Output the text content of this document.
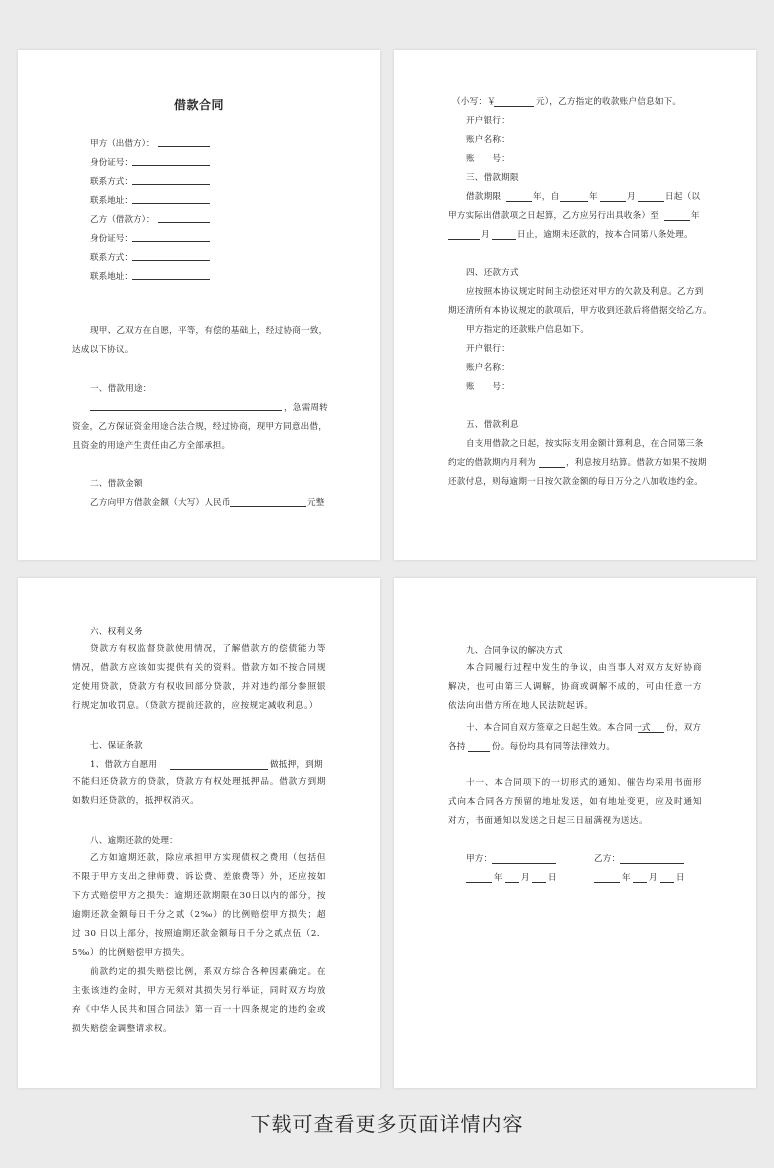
借款合同
甲方（出借方）：
身份证号：
联系方式：
联系地址：
乙方（借款方）：
身份证号：
联系方式：
联系地址：
现甲、乙双方在自愿，平等，有偿的基础上，经过协商一致，
达成以下协议。
一、借款用途：
，急需周转
资金，乙方保证资金用途合法合规，经过协商，现甲方同意出借，
且资金的用途产生责任由乙方全部承担。
二、借款金额
乙方向甲方借款金额（大写）人民币	元整
（小写：￥	元），乙方指定的收款账户信息如下。
开户银行：
账户名称：
账　　号：
三、借款期限
借款期限	年，自	年	月	日起（以
甲方实际出借款项之日起算，乙方应另行出具收条）至	年
月	日止，逾期未还款的，按本合同第八条处理。
四、还款方式
应按照本协议规定时间主动偿还对甲方的欠款及利息。乙方到
期还清所有本协议规定的款项后，甲方收到还款后将借据交给乙方。
甲方指定的还款账户信息如下。
开户银行：
账户名称：
账　　号：
五、借款利息
自支用借款之日起，按实际支用金额计算利息，在合同第三条
约定的借款期内月利为	，利息按月结算。借款方如果不按期
还款付息，则每逾期一日按欠款金额的每日万分之八加收违约金。
六、权利义务
贷款方有权监督贷款使用情况，了解借款方的偿债能力等情况，借款方应该如实提供有关的资料。借款方如不按合同规定使用贷款，贷款方有权收回部分贷款，并对违约部分参照银行规定加收罚息。（贷款方提前还款的，应按规定减收利息。）
七、保证条款
1、借款方自愿用	做抵押，到期
不能归还贷款方的贷款，贷款方有权处理抵押品。借款方到期如数归还贷款的，抵押权消灭。
八、逾期还款的处理：
乙方如逾期还款，除应承担甲方实现债权之费用（包括但不限于甲方支出之律师费、诉讼费、差旅费等）外，还应按如下方式赔偿甲方之损失：逾期还款期限在30日以内的部分，按逾期还款金额每日千分之贰（2‰）的比例赔偿甲方损失；超过 30 日以上部分，按照逾期还款金额每日千分之贰点伍（2．5‰）的比例赔偿甲方损失。
前款约定的损失赔偿比例，系双方综合各种因素确定。在主张该违约金时，甲方无须对其损失另行举证，同时双方均放弃《中华人民共和国合同法》第一百一十四条规定的违约金或损失赔偿金调整请求权。
九、合同争议的解决方式
本合同履行过程中发生的争议，由当事人对双方友好协商解决，也可由第三人调解，协商或调解不成的，可由任意一方依法向出借方所在地人民法院起诉。
十、本合同自双方签章之日起生效。本合同一式 份，双方
各持	份。每份均具有同等法律效力。
十一、本合同项下的一切形式的通知、催告均采用书面形式向本合同各方预留的地址发送，如有地址变更，应及时通知对方，书面通知以发送之日起三日届满视为送达。
甲方：	乙方：
年 月 日	年 月 日
下载可查看更多页面详情内容
